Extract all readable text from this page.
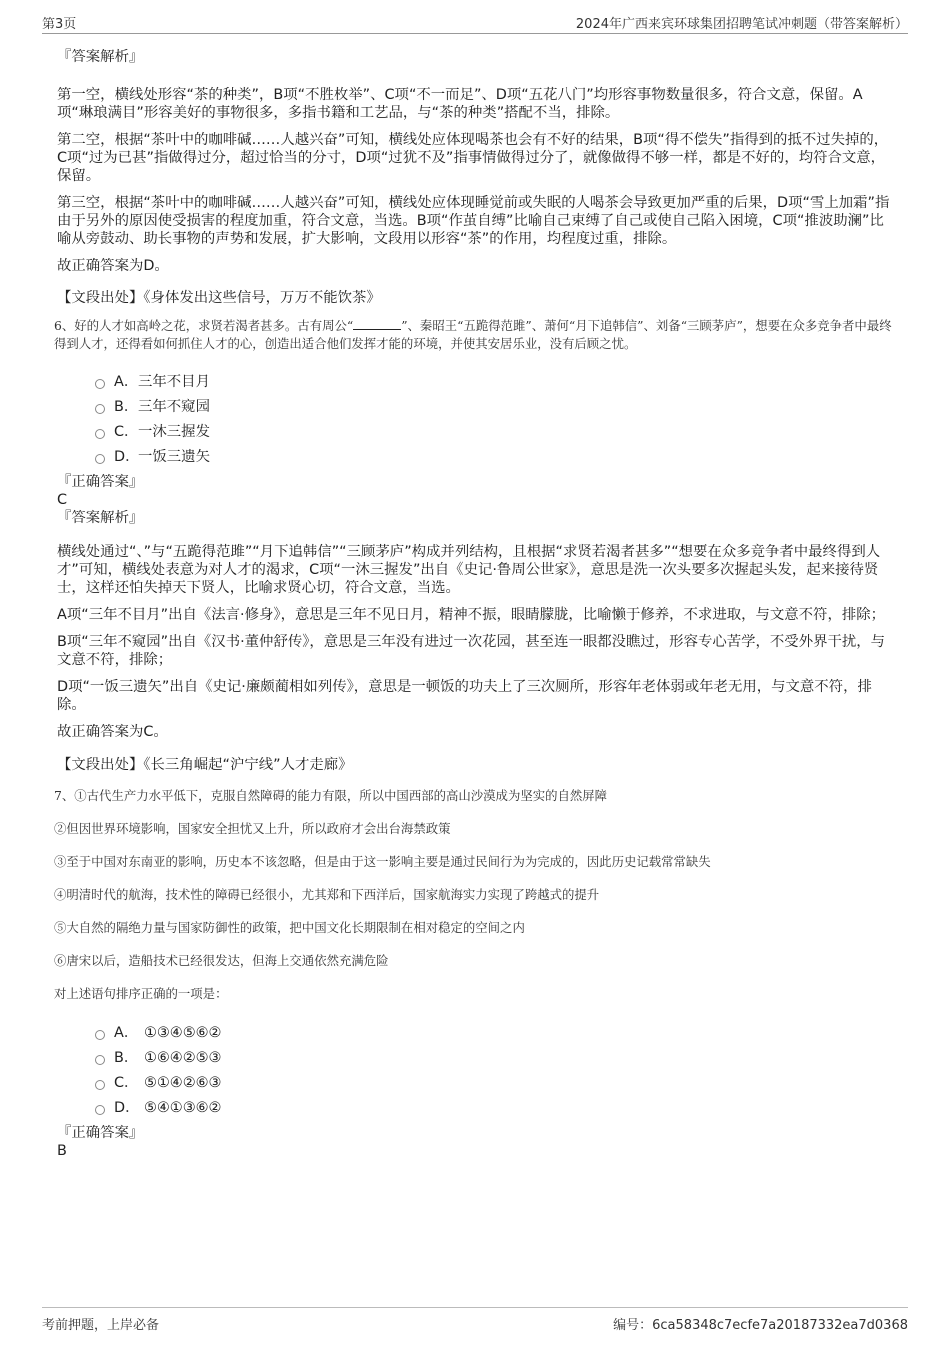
第3页	2024年广西来宾环球集团招聘笔试冲刺题（带答案解析）

『答案解析』

第一空，横线处形容“茶的种类”，B项“不胜枚举”、C项“不一而足”、D项“五花八门”均形容事物数量很多，符合文意，保留。A项“琳琅满目”形容美好的事物很多，多指书籍和工艺品，与“茶的种类”搭配不当，排除。

第二空，根据“茶叶中的咖啡碱……人越兴奋”可知，横线处应体现喝茶也会有不好的结果，B项“得不偿失”指得到的抵不过失掉的，C项“过为已甚”指做得过分，超过恰当的分寸，D项“过犹不及”指事情做得过分了，就像做得不够一样，都是不好的，均符合文意，保留。

第三空，根据“茶叶中的咖啡碱……人越兴奋”可知，横线处应体现睡觉前或失眠的人喝茶会导致更加严重的后果，D项“雪上加霜”指由于另外的原因使受损害的程度加重，符合文意，当选。B项“作茧自缚”比喻自己束缚了自己或使自己陷入困境，C项“推波助澜”比喻从旁鼓动、助长事物的声势和发展，扩大影响，文段用以形容“茶”的作用，均程度过重，排除。

故正确答案为D。

【文段出处】《身体发出这些信号，万万不能饮茶》

6、好的人才如高岭之花，求贤若渴者甚多。古有周公“	”、秦昭王“五跪得范雎”、萧何“月下追韩信”、刘备“三顾茅庐”，想要在众多竞争者中最终得到人才，还得看如何抓住人才的心，创造出适合他们发挥才能的环境，并使其安居乐业，没有后顾之忧。

A． 三年不目月
B． 三年不窥园
C． 一沐三握发
D．
一饭三遗矢

『正确答案』

C

『答案解析』

横线处通过“、”与“五跪得范雎”“月下追韩信”“三顾茅庐”构成并列结构，且根据“求贤若渴者甚多”“想要在众多竞争者中最终得到人才”可知，横线处表意为对人才的渴求，C项“一沐三握发”出自《史记·鲁周公世家》，意思是洗一次头要多次握起头发，起来接待贤士，这样还怕失掉天下贤人，比喻求贤心切，符合文意，当选。

A项“三年不目月”出自《法言·修身》，意思是三年不见日月，精神不振，眼睛朦胧，比喻懒于修养，不求进取，与文意不符，排除；

B项“三年不窥园”出自《汉书·董仲舒传》，意思是三年没有进过一次花园，甚至连一眼都没瞧过，形容专心苦学，不受外界干扰，与文意不符，排除；

D项“一饭三遗矢”出自《史记·廉颇蔺相如列传》，意思是一顿饭的功夫上了三次厕所，形容年老体弱或年老无用，与文意不符，排除。

故正确答案为C。

【文段出处】《长三角崛起“沪宁线”人才走廊》

7、①古代生产力水平低下，克服自然障碍的能力有限，所以中国西部的高山沙漠成为坚实的自然屏障

②但因世界环境影响，国家安全担忧又上升，所以政府才会出台海禁政策

③至于中国对东南亚的影响，历史本不该忽略，但是由于这一影响主要是通过民间行为为完成的，因此历史记载常常缺失

④明清时代的航海，技术性的障碍已经很小，尤其郑和下西洋后，国家航海实力实现了跨越式的提升

⑤大自然的隔绝力量与国家防御性的政策，把中国文化长期限制在相对稳定的空间之内

⑥唐宋以后，造船技术已经很发达，但海上交通依然充满危险

对上述语句排序正确的一项是：

A． ①③④⑤⑥②
B． ①⑥④②⑤③
C． ⑤①④②⑥③
D． ⑤④①③⑥②

『正确答案』

B

考前押题，上岸必备	编号：6ca58348c7ecfe7a20187332ea7d0368
